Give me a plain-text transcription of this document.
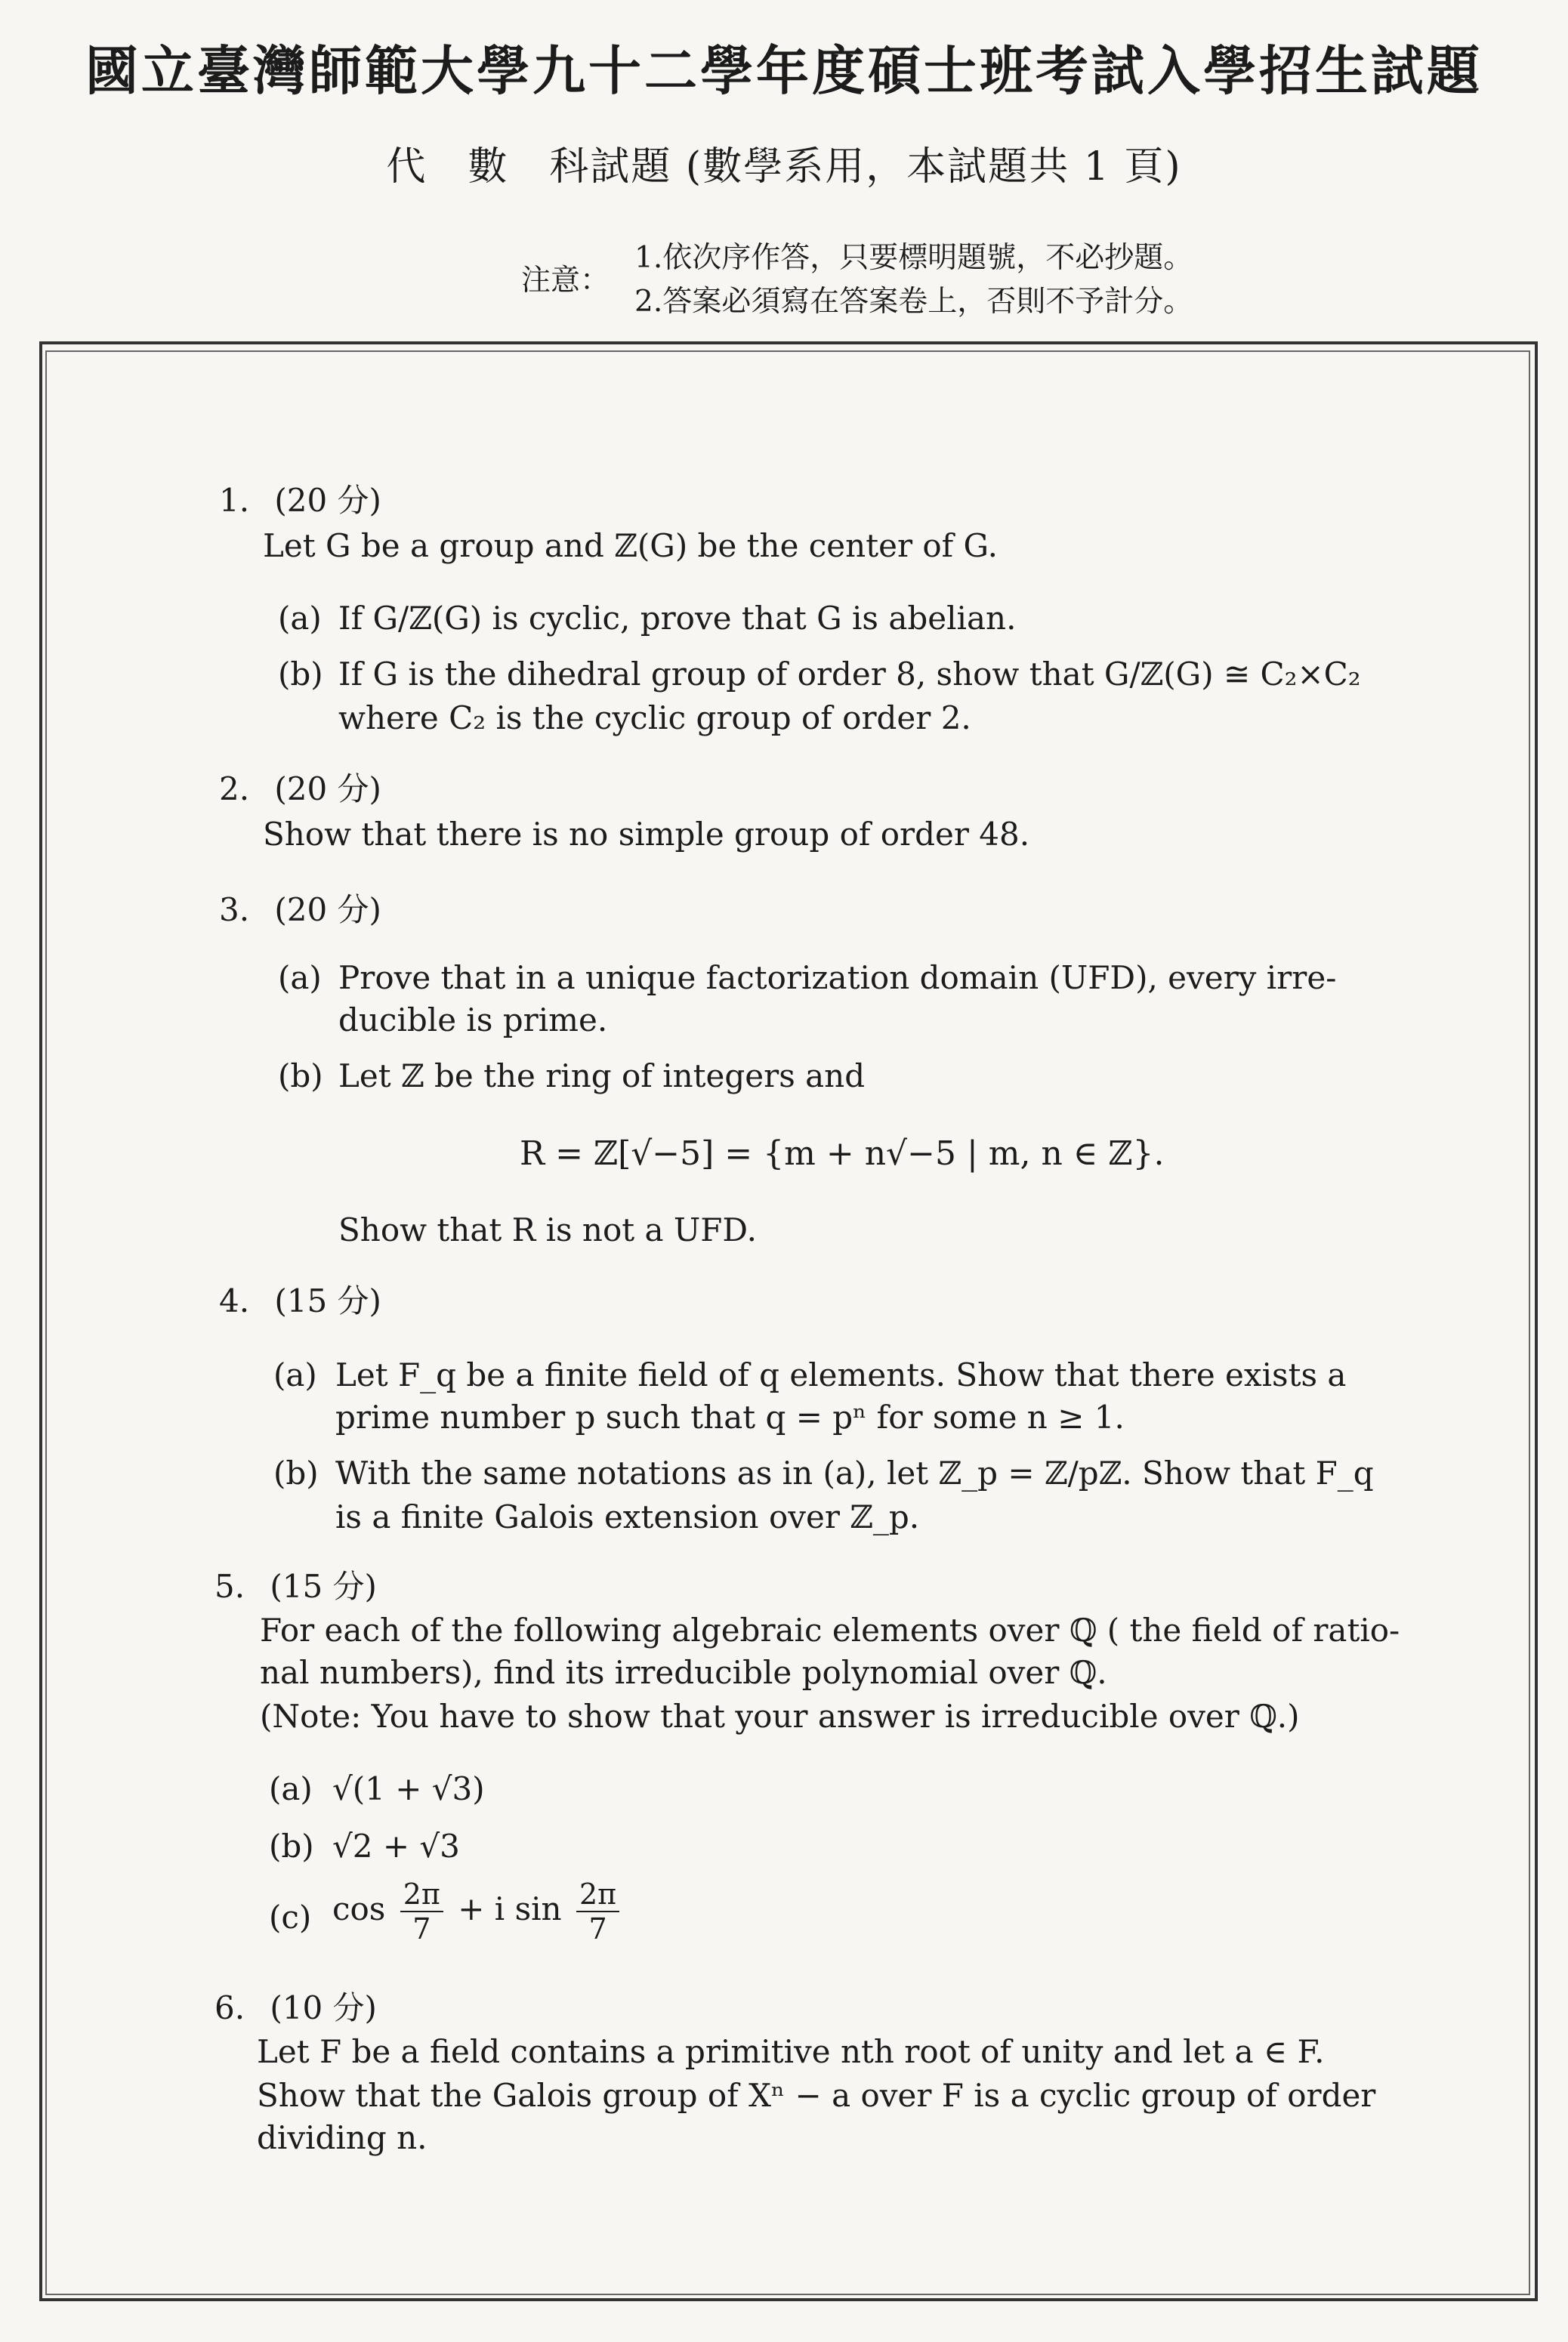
國立臺灣師範大學九十二學年度碩士班考試入學招生試題
代　數　科試題 (數學系用，本試題共 1 頁)
注意：
1.依次序作答，只要標明題號，不必抄題。
2.答案必須寫在答案卷上，否則不予計分。
1. (20 分)
Let G be a group and ℤ(G) be the center of G.
(a) If G/ℤ(G) is cyclic, prove that G is abelian.
(b) If G is the dihedral group of order 8, show that G/ℤ(G) ≅ C₂×C₂
where C₂ is the cyclic group of order 2.
2. (20 分)
Show that there is no simple group of order 48.
3. (20 分)
(a) Prove that in a unique factorization domain (UFD), every irre-
ducible is prime.
(b) Let ℤ be the ring of integers and
R = ℤ[√−5] = {m + n√−5 | m, n ∈ ℤ}.
Show that R is not a UFD.
4. (15 分)
(a) Let F_q be a finite field of q elements. Show that there exists a
prime number p such that q = pⁿ for some n ≥ 1.
(b) With the same notations as in (a), let ℤ_p = ℤ/pℤ. Show that F_q
is a finite Galois extension over ℤ_p.
5. (15 分)
For each of the following algebraic elements over ℚ ( the field of ratio-
nal numbers), find its irreducible polynomial over ℚ.
(Note: You have to show that your answer is irreducible over ℚ.)
(a) √(1 + √3)
(b) √2 + √3
(c) $\cos \frac{2\pi}{7} + i$ $\sin \frac{2\pi}{7}$
6. (10 分)
Let F be a field contains a primitive nth root of unity and let a ∈ F.
Show that the Galois group of Xⁿ − a over F is a cyclic group of order
dividing n.
